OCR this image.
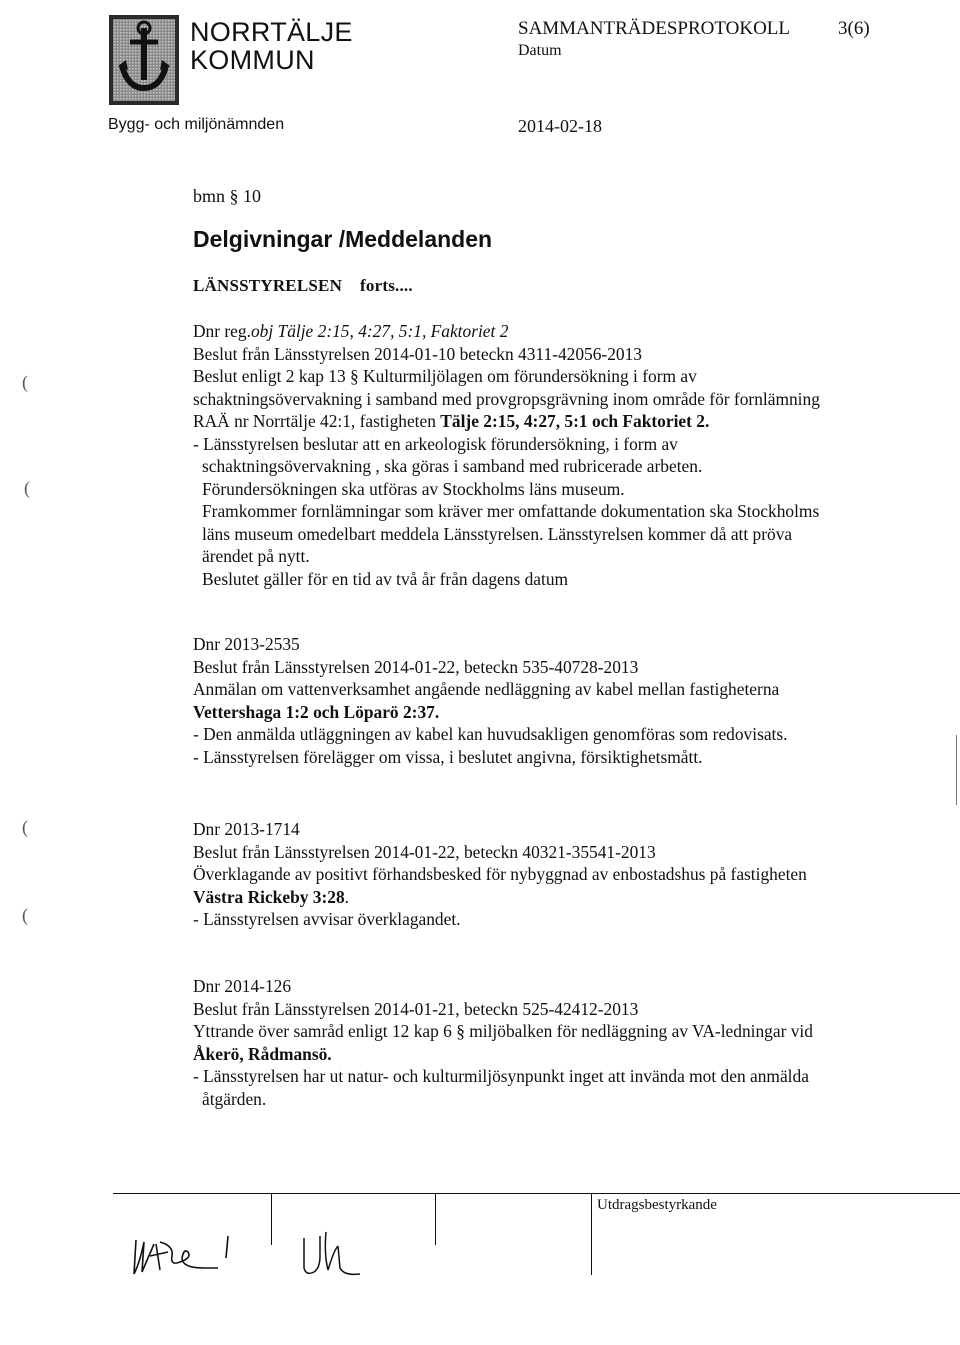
NORRTÄLJE
KOMMUN
SAMMANTRÄDESPROTOKOLL	3(6)
Datum
Bygg- och miljönämnden	2014-02-18
bmn § 10
Delgivningar /Meddelanden
LÄNSSTYRELSEN forts....

Dnr reg.obj Tälje 2:15, 4:27, 5:1, Faktoriet 2

Beslut från Länsstyrelsen 2014-01-10 beteckn 4311-42056-2013

Beslut enligt 2 kap 13 § Kulturmiljölagen om förundersökning i form av

schaktningsövervakning i samband med provgropsgrävning inom område för fornlämning

RAÄ nr Norrtälje 42:1, fastigheten Tälje 2:15, 4:27, 5:1 och Faktoriet 2.

- Länsstyrelsen beslutar att en arkeologisk förundersökning, i form av

schaktningsövervakning , ska göras i samband med rubricerade arbeten.

Förundersökningen ska utföras av Stockholms läns museum.

Framkommer fornlämningar som kräver mer omfattande dokumentation ska Stockholms

läns museum omedelbart meddela Länsstyrelsen. Länsstyrelsen kommer då att pröva

ärendet på nytt.

Beslutet gäller för en tid av två år från dagens datum

Dnr 2013-2535

Beslut från Länsstyrelsen 2014-01-22, beteckn 535-40728-2013

Anmälan om vattenverksamhet angående nedläggning av kabel mellan fastigheterna

Vettershaga 1:2 och Löparö 2:37.

- Den anmälda utläggningen av kabel kan huvudsakligen genomföras som redovisats.

- Länsstyrelsen förelägger om vissa, i beslutet angivna, försiktighetsmått.

Dnr 2013-1714

Beslut från Länsstyrelsen 2014-01-22, beteckn 40321-35541-2013

Överklagande av positivt förhandsbesked för nybyggnad av enbostadshus på fastigheten

Västra Rickeby 3:28.

- Länsstyrelsen avvisar överklagandet.

Dnr 2014-126

Beslut från Länsstyrelsen 2014-01-21, beteckn 525-42412-2013

Yttrande över samråd enligt 12 kap 6 § miljöbalken för nedläggning av VA-ledningar vid

Åkerö, Rådmansö.

- Länsstyrelsen har ut natur- och kulturmiljösynpunkt inget att invända mot den anmälda

åtgärden.

(
(
(
(
Utdragsbestyrkande
